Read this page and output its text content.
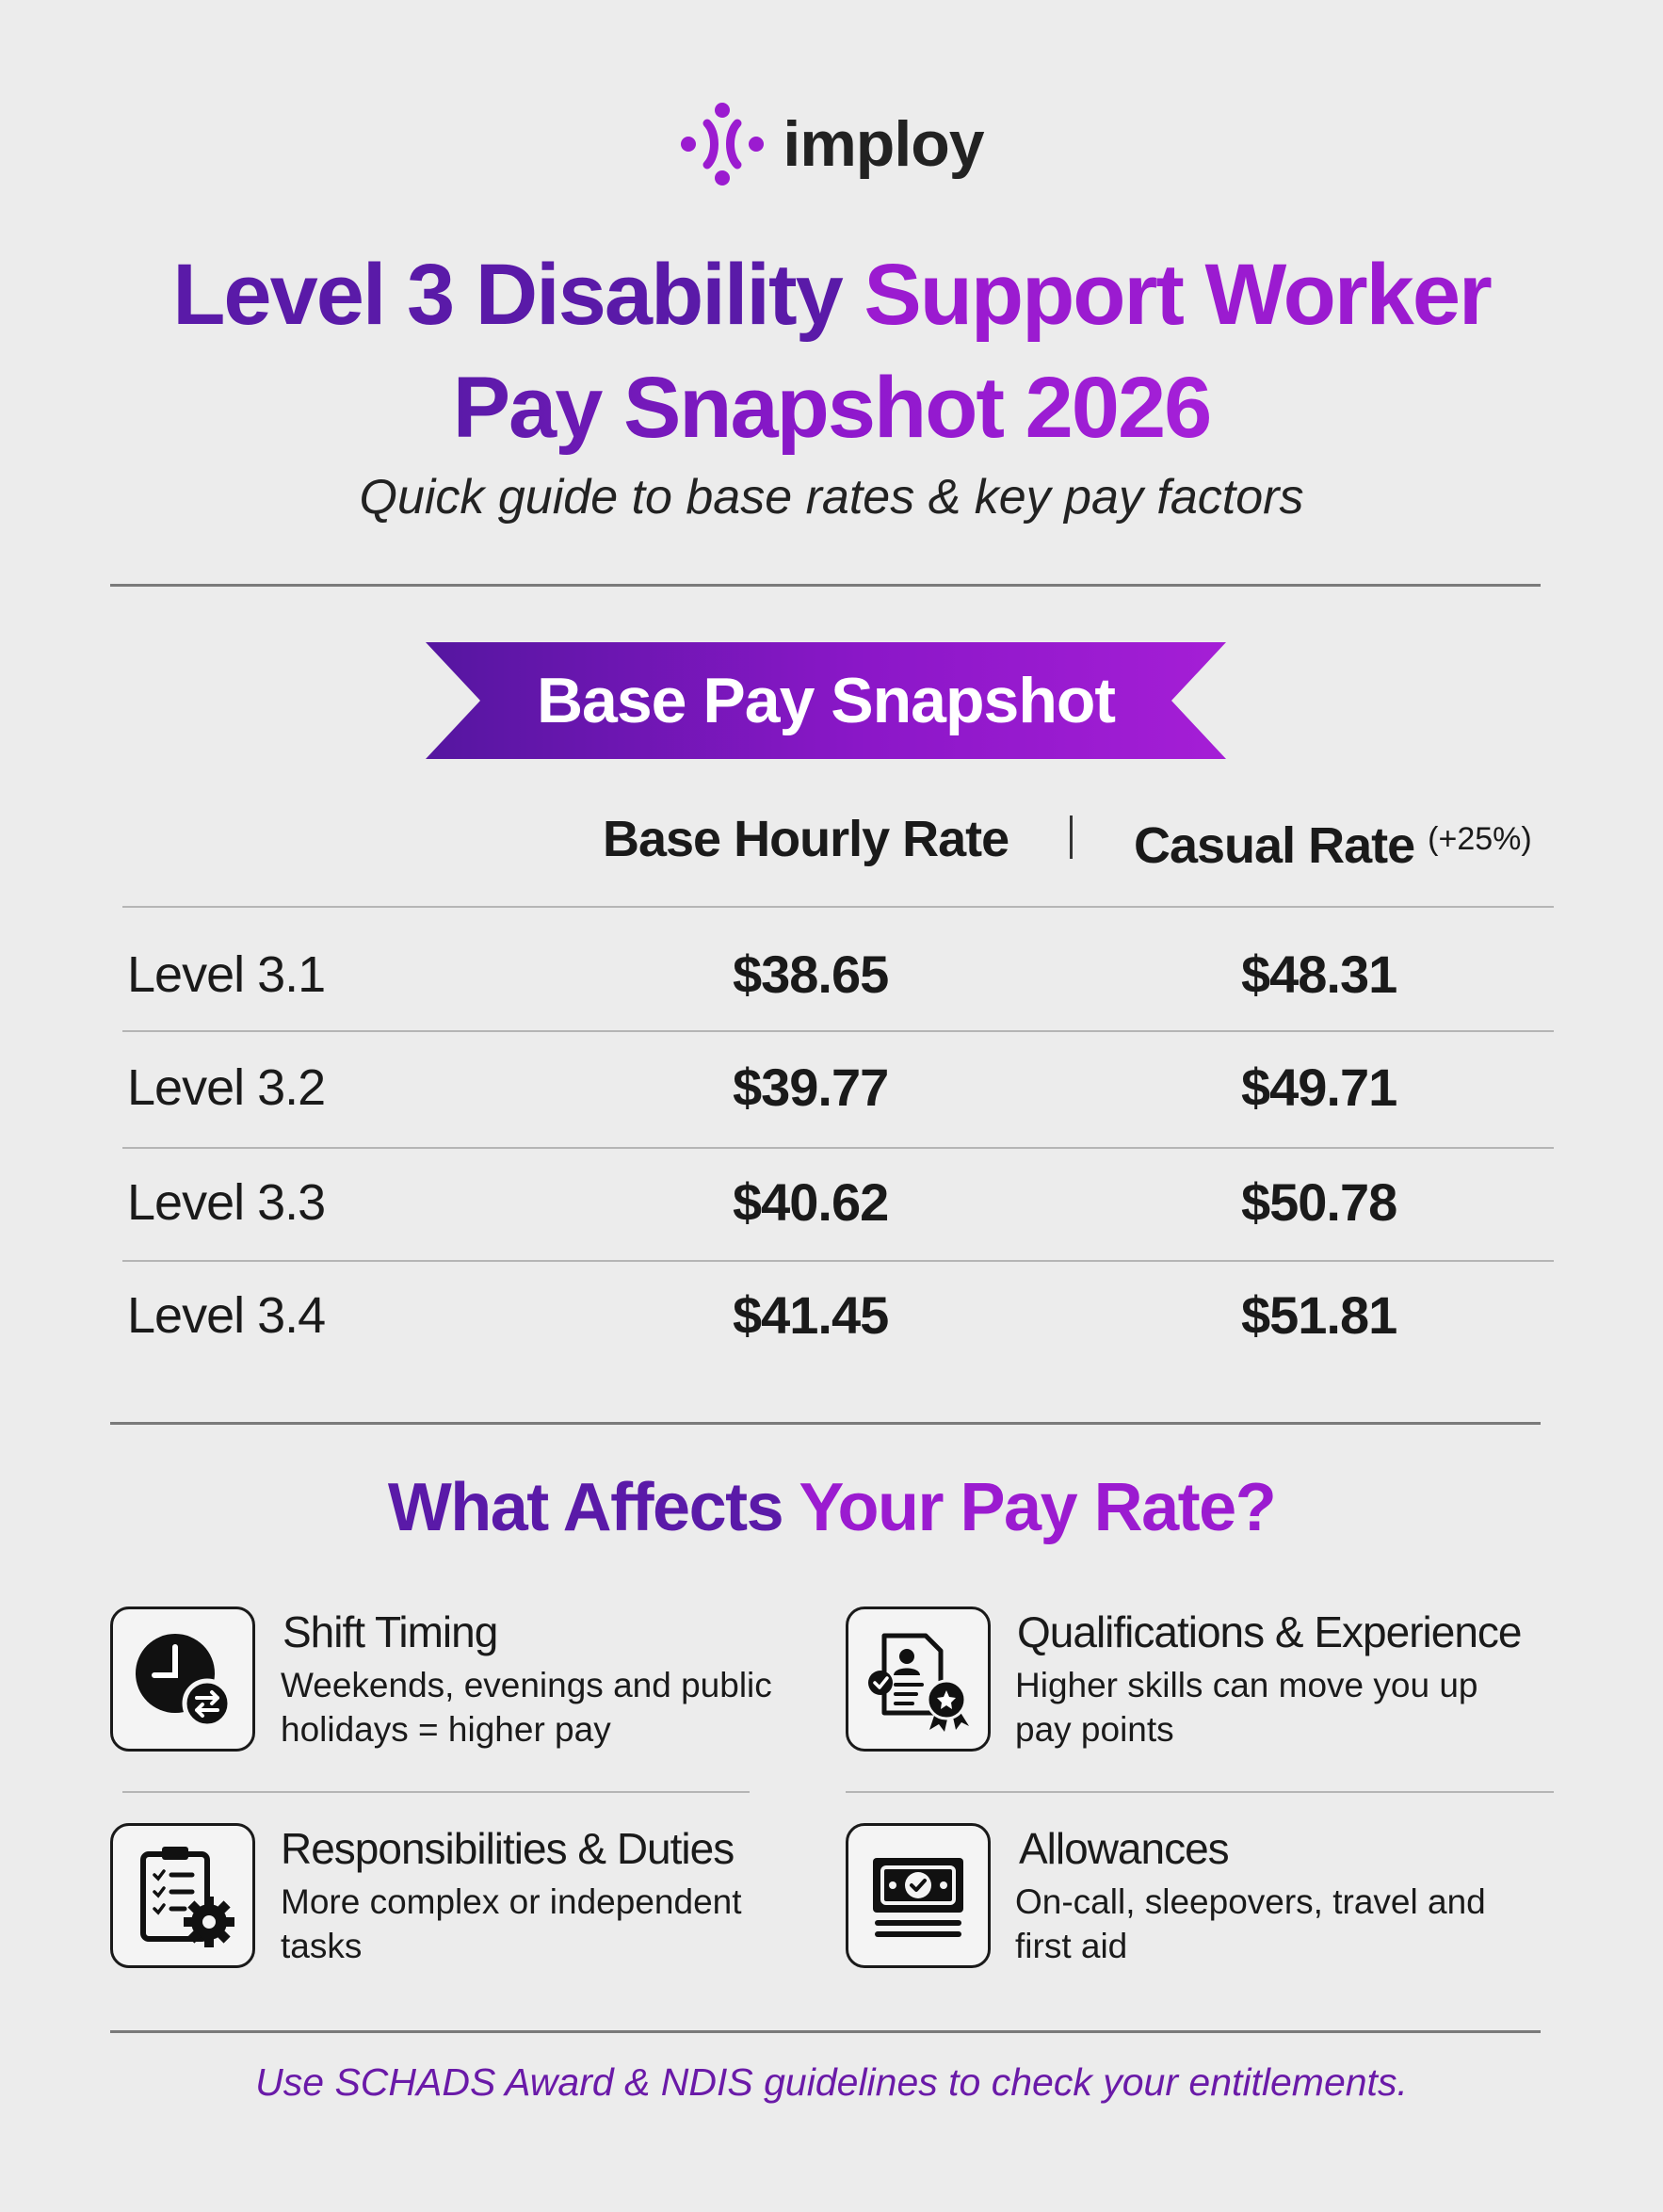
imploy
Level 3 Disability Support Worker
Pay Snapshot 2026
Quick guide to base rates & key pay factors
Base Pay Snapshot
Base Hourly Rate Casual Rate $^{(+25\%)}$
Level 3.1	$38.65	$48.31
Level 3.2	$39.77	$49.71
Level 3.3	$40.62	$50.78
Level 3.4	$41.45	$51.81
What Affects Your Pay Rate?
Shift Timing
Weekends, evenings and public holidays = higher pay
Qualifications & Experience
Higher skills can move you up pay points
Responsibilities & Duties
More complex or independent tasks
Allowances
On-call, sleepovers, travel and first aid
Use SCHADS Award & NDIS guidelines to check your entitlements.
